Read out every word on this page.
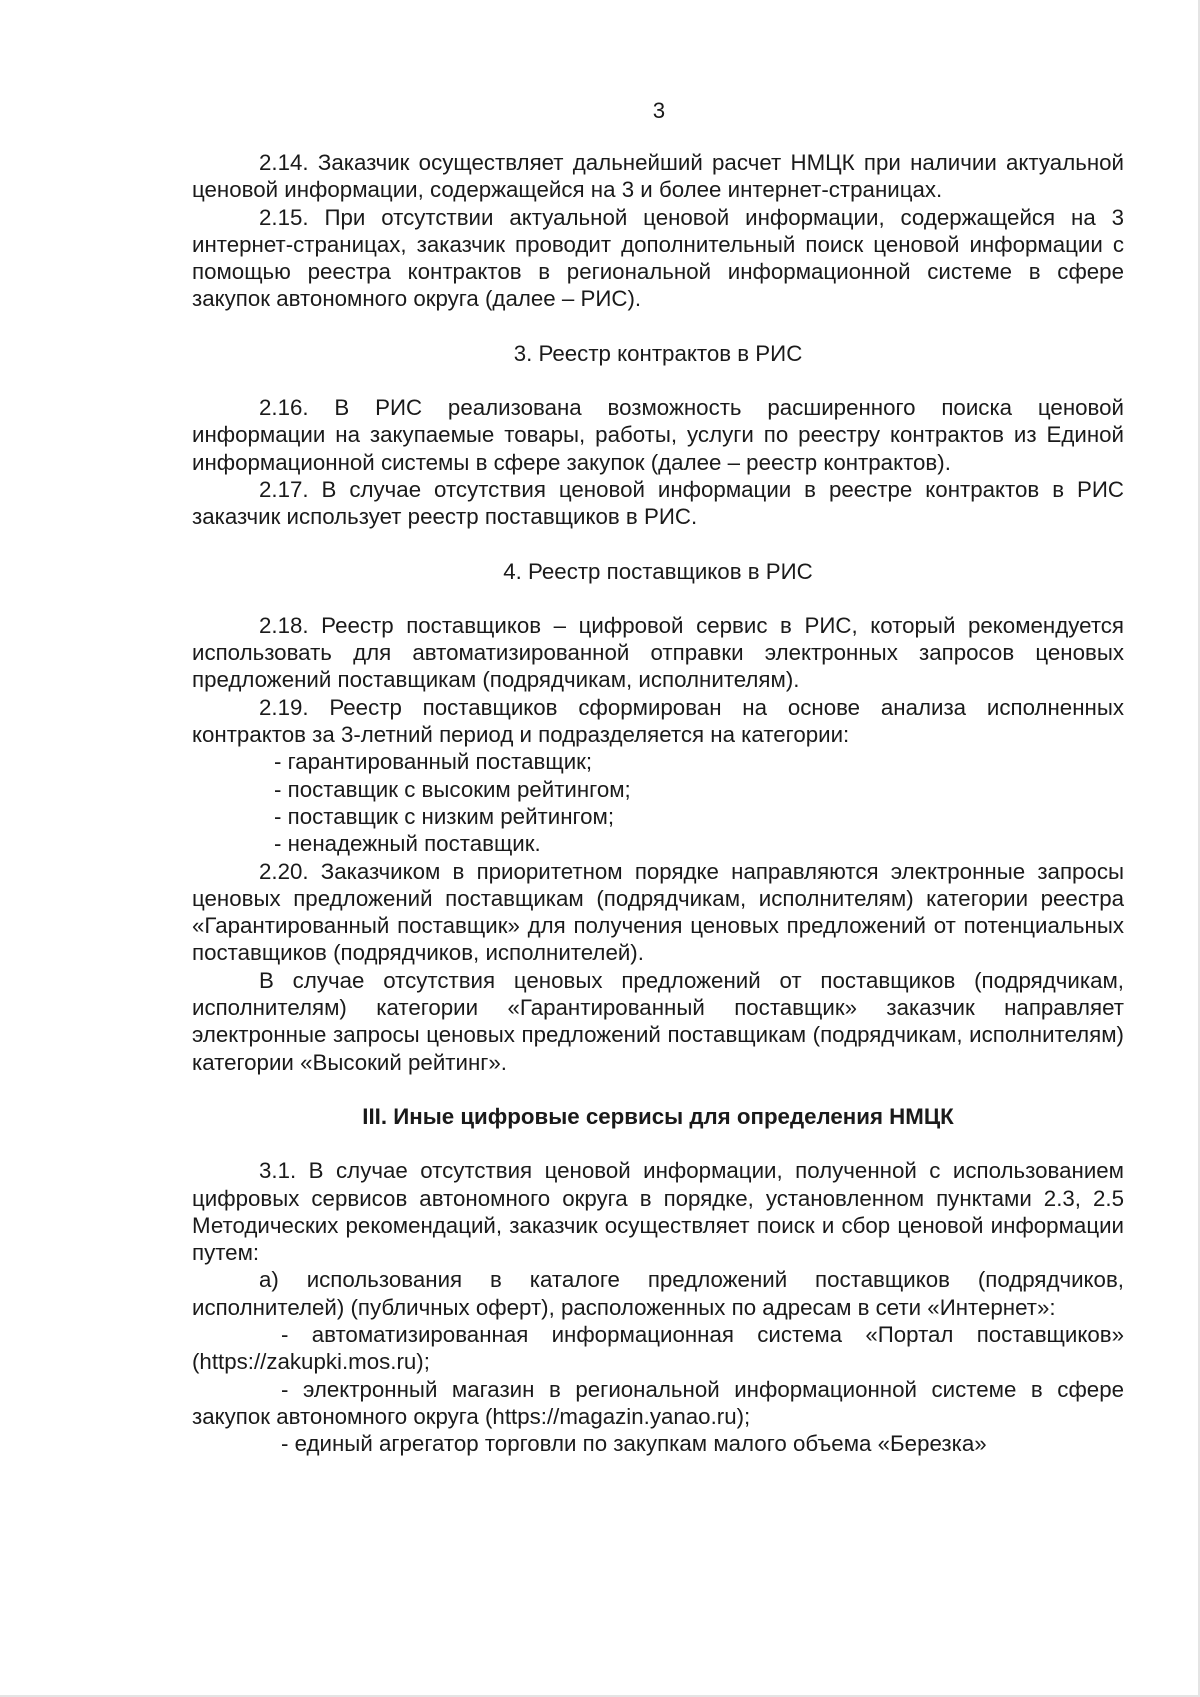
3

2.14. Заказчик осуществляет дальнейший расчет НМЦК при наличии актуальной ценовой информации, содержащейся на 3 и более интернет-страницах.

2.15. При отсутствии актуальной ценовой информации, содержащейся на 3 интернет-страницах, заказчик проводит дополнительный поиск ценовой информации с помощью реестра контрактов в региональной информационной системе в сфере закупок автономного округа (далее – РИС).

3. Реестр контрактов в РИС

2.16. В РИС реализована возможность расширенного поиска ценовой информации на закупаемые товары, работы, услуги по реестру контрактов из Единой информационной системы в сфере закупок (далее – реестр контрактов).

2.17. В случае отсутствия ценовой информации в реестре контрактов в РИС заказчик использует реестр поставщиков в РИС.

4. Реестр поставщиков в РИС

2.18. Реестр поставщиков – цифровой сервис в РИС, который рекомендуется использовать для автоматизированной отправки электронных запросов ценовых предложений поставщикам (подрядчикам, исполнителям).

2.19. Реестр поставщиков сформирован на основе анализа исполненных контрактов за 3-летний период и подразделяется на категории:

- гарантированный поставщик;

- поставщик с высоким рейтингом;

- поставщик с низким рейтингом;

- ненадежный поставщик.

2.20. Заказчиком в приоритетном порядке направляются электронные запросы ценовых предложений поставщикам (подрядчикам, исполнителям) категории реестра «Гарантированный поставщик» для получения ценовых предложений от потенциальных поставщиков (подрядчиков, исполнителей).

В случае отсутствия ценовых предложений от поставщиков (подрядчикам, исполнителям) категории «Гарантированный поставщик» заказчик направляет электронные запросы ценовых предложений поставщикам (подрядчикам, исполнителям) категории «Высокий рейтинг».

III. Иные цифровые сервисы для определения НМЦК

3.1. В случае отсутствия ценовой информации, полученной с использованием цифровых сервисов автономного округа в порядке, установленном пунктами 2.3, 2.5 Методических рекомендаций, заказчик осуществляет поиск и сбор ценовой информации путем:

а) использования в каталоге предложений поставщиков (подрядчиков, исполнителей) (публичных оферт), расположенных по адресам в сети «Интернет»:

- автоматизированная информационная система «Портал поставщиков» (https://zakupki.mos.ru);

- электронный магазин в региональной информационной системе в сфере закупок автономного округа (https://magazin.yanao.ru);

- единый агрегатор торговли по закупкам малого объема «Березка»
